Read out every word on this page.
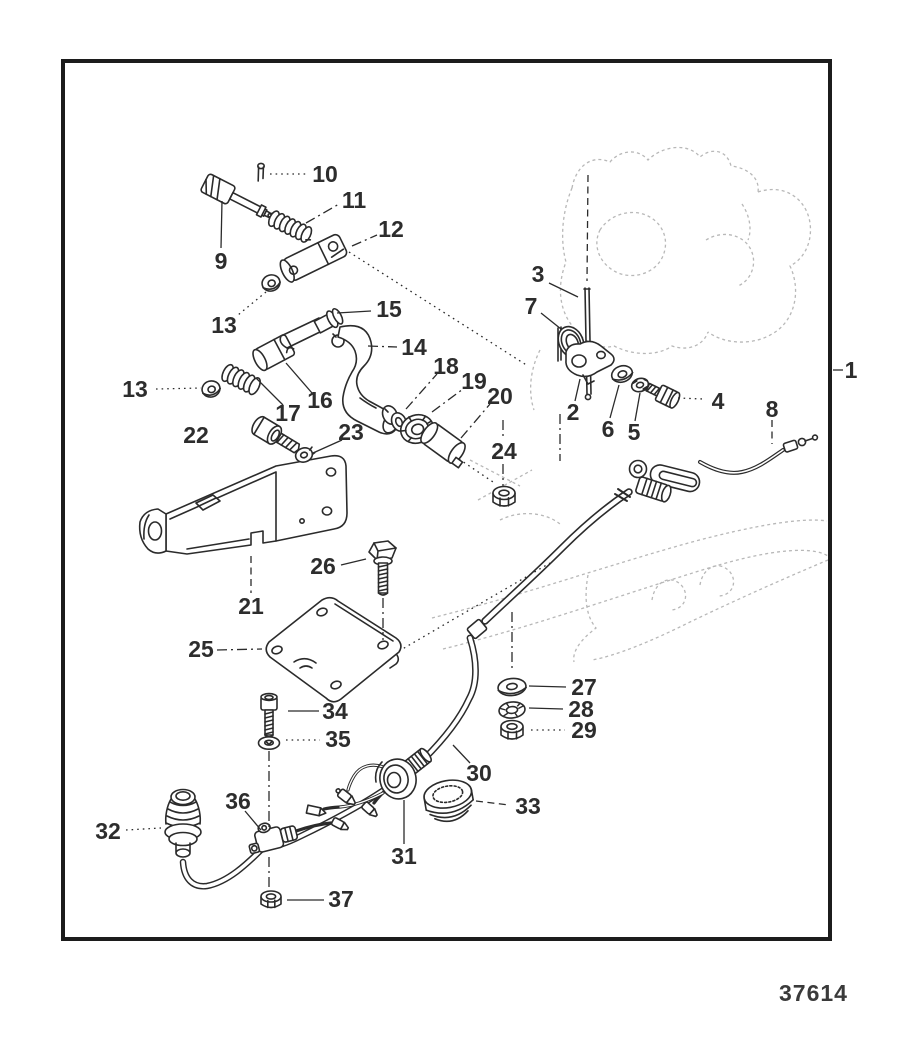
1
2
3
4
5
6
7
8
9
10
11
12
13
13
14
15
16
17
18
19
20
21
22	23
24
25
26
27
28
29
30
31
32
33
34
35
36
37
37614
